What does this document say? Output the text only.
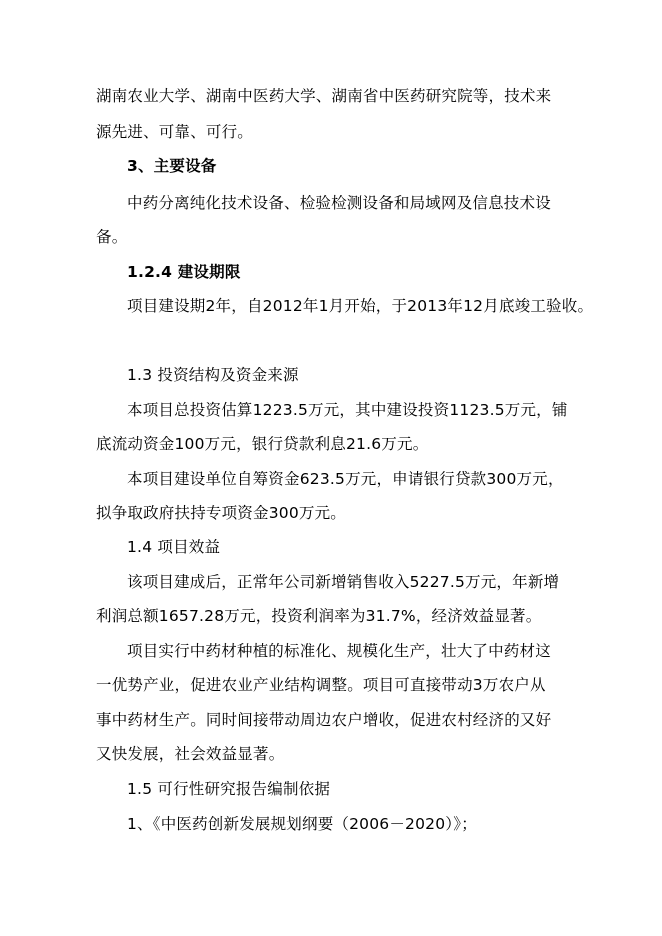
湖南农业大学、湖南中医药大学、湖南省中医药研究院等，技术来
源先进、可靠、可行。
3、主要设备
中药分离纯化技术设备、检验检测设备和局域网及信息技术设
备。
1.2.4 建设期限
项目建设期2年，自2012年1月开始，于2013年12月底竣工验收。
1.3 投资结构及资金来源
本项目总投资估算1223.5万元，其中建设投资1123.5万元，铺
底流动资金100万元，银行贷款利息21.6万元。
本项目建设单位自筹资金623.5万元，申请银行贷款300万元，
拟争取政府扶持专项资金300万元。
1.4 项目效益
该项目建成后，正常年公司新增销售收入5227.5万元，年新增
利润总额1657.28万元，投资利润率为31.7%，经济效益显著。
项目实行中药材种植的标准化、规模化生产，壮大了中药材这
一优势产业，促进农业产业结构调整。项目可直接带动3万农户从
事中药材生产。同时间接带动周边农户增收，促进农村经济的又好
又快发展，社会效益显著。
1.5 可行性研究报告编制依据
1、《中医药创新发展规划纲要（2006－2020）》；
